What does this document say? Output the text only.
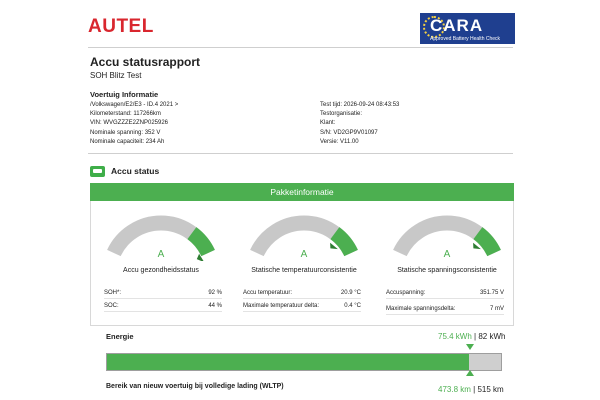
AUTEL	CARA
Approved Battery Health Check
Accu statusrapport
SOH Blitz Test
Voertuig Informatie
/Volkswagen/E2/E3 - ID.4 2021 >
Kilometerstand: 117266km
VIN: WVGZZZE2ZNP025926
Nominale spanning: 352 V
Nominale capaciteit: 234 Ah
Test tijd: 2026-09-24 08:43:53
Testorganisatie:
Klant:
S/N: VD2GP9V01097
Versie: V11.00
Accu status
Pakketinformatie
A
Accu gezondheidsstatus
A
Statische temperatuurconsistentie
A
Statische spanningsconsistentie
SOH*:	92 %
SOC:	44 %
Accu temperatuur:	20.9 °C
Maximale temperatuur delta:	0.4 °C
Accuspanning:	351.75 V
Maximale spanningsdelta:	7 mV
Energie	75.4 kWh | 82 kWh
Bereik van nieuw voertuig bij volledige lading (WLTP)	473.8 km | 515 km
